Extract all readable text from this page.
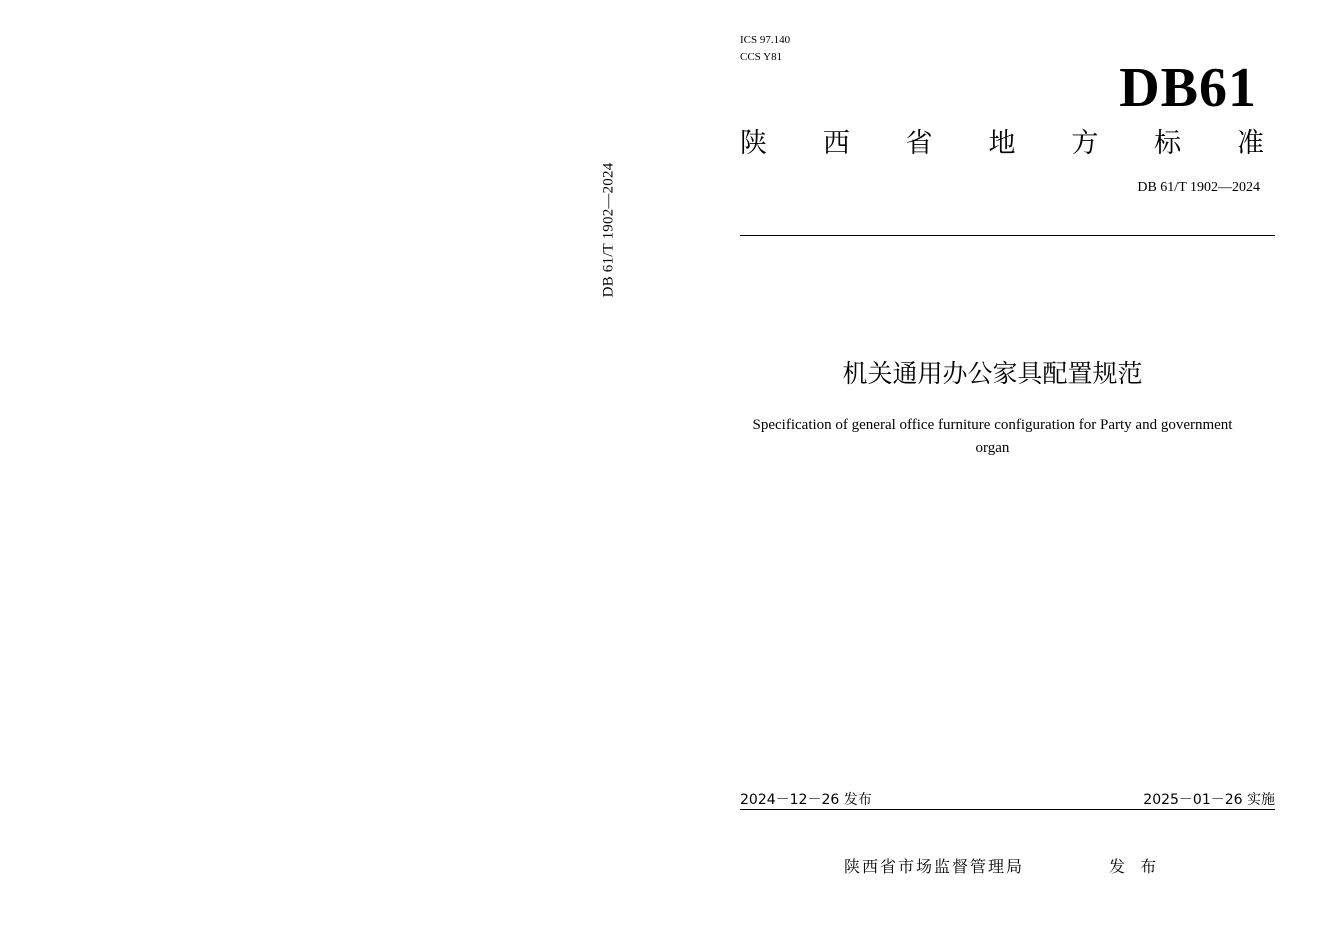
DB 61/T 1902—2024
ICS 97.140
CCS Y81	DB61
陕 西 省 地 方 标 准
DB 61/T 1902—2024
机关通用办公家具配置规范
Specification of general office furniture configuration for Party and government
organ
2024－12－26 发布	2025－01－26 实施
陕西省市场监督管理局	发 布
